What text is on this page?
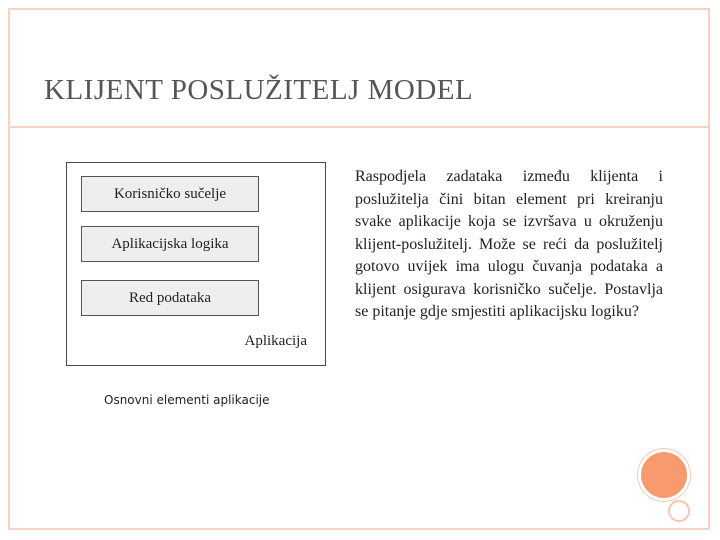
KLIJENT POSLUŽITELJ MODEL
Korisničko sučelje
Aplikacijska logika
Red podataka
Aplikacija
Osnovni elementi aplikacije
Raspodjela zadataka između klijenta i poslužitelja čini bitan element pri kreiranju svake aplikacije koja se izvršava u okruženju klijent-poslužitelj. Može se reći da poslužitelj gotovo uvijek ima ulogu čuvanja podataka a klijent osigurava korisničko sučelje. Postavlja se pitanje gdje smjestiti aplikacijsku logiku?
